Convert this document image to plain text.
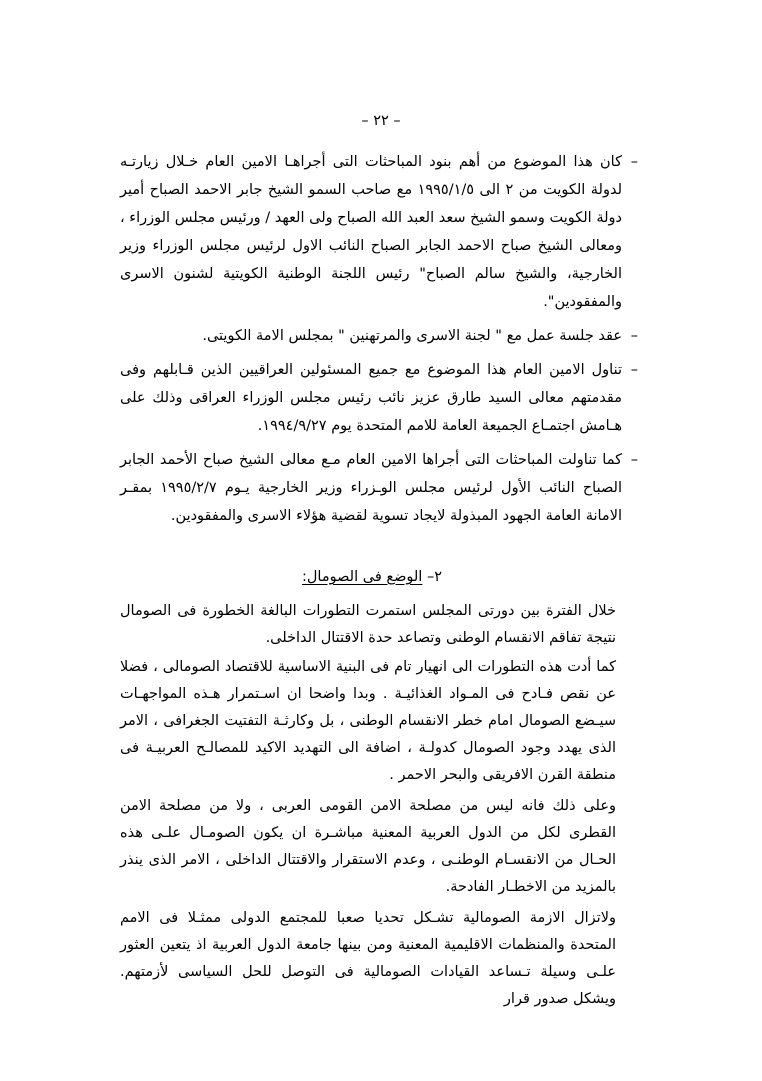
– ٢٢ –
–
كان هذا الموضوع من أهم بنود المباحثات التى أجراهـا الامين العام خـلال زيارتـه لدولة الكويت من ٢ الى ١٩٩٥/١/٥ مع صاحب السمو الشيخ جابر الاحمد الصباح أمير دولة الكويت وسمو الشيخ سعد العبد الله الصباح ولى العهد / ورئيس مجلس الوزراء ، ومعالى الشيخ صباح الاحمد الجابر الصباح النائب الاول لرئيس مجلس الوزراء وزير الخارجية، والشيخ سالم الصباح" رئيس اللجنة الوطنية الكويتية لشنون الاسرى والمفقودين".
–
عقد جلسة عمل مع " لجنة الاسرى والمرتهنين " بمجلس الامة الكويتى.
–
تناول الامين العام هذا الموضوع مع جميع المسئولين العراقيين الذين قـابلهم وفى مقدمتهم معالى السيد طارق عزيز نائب رئيس مجلس الوزراء العراقى وذلك على هـامش اجتمـاع الجميعة العامة للامم المتحدة يوم ١٩٩٤/٩/٢٧.
–
كما تناولت المباحثات التى أجراها الامين العام مـع معالى الشيخ صباح الأحمد الجابر الصباح النائب الأول لرئيس مجلس الوـزراء وزير الخارجية يـوم ١٩٩٥/٢/٧ بمقـر الامانة العامة الجهود المبذولة لايجاد تسوية لقضية هؤلاء الاسرى والمفقودين.
٢– الوضع فى الصومال:

خلال الفترة بين دورتى المجلس استمرت التطورات البالغة الخطورة فى الصومال نتيجة تفاقم الانقسام الوطنى وتصاعد حدة الاقتتال الداخلى.

كما أدت هذه التطورات الى انهيار تام فى البنية الاساسية للاقتصاد الصومالى ، فضلا عن نقص فـادح فى المـواد الغذائيـة . وبدا واضحا ان اسـتمرار هـذه المواجهـات سيـضع الصومال امام خطر الانقسام الوطنى ، بل وكارثـة التفتيت الجغرافى ، الامر الذى يهدد وجود الصومال كدولـة ، اضافة الى التهديد الاكيد للمصالـح العربيـة فى منطقة القرن الافريقى والبحر الاحمر .

وعلى ذلك فانه ليس من مصلحة الامن القومى العربى ، ولا من مصلحة الامن القطرى لكل من الدول العربية المعنية مباشـرة ان يكون الصومـال علـى هذه الحـال من الانقسـام الوطنـى ، وعدم الاستقرار والاقتتال الداخلى ، الامر الذى ينذر بالمزيد من الاخطـار الفادحة.

ولاتزال الازمة الصومالية تشـكل تحديا صعبا للمجتمع الدولى ممثـلا فى الامم المتحدة والمنظمات الاقليمية المعنية ومن بينها جامعة الدول العربية اذ يتعين العثور علـى وسيلة تـساعد القيادات الصومالية فى التوصل للحل السياسى لأزمتهم. ويشكل صدور قرار
